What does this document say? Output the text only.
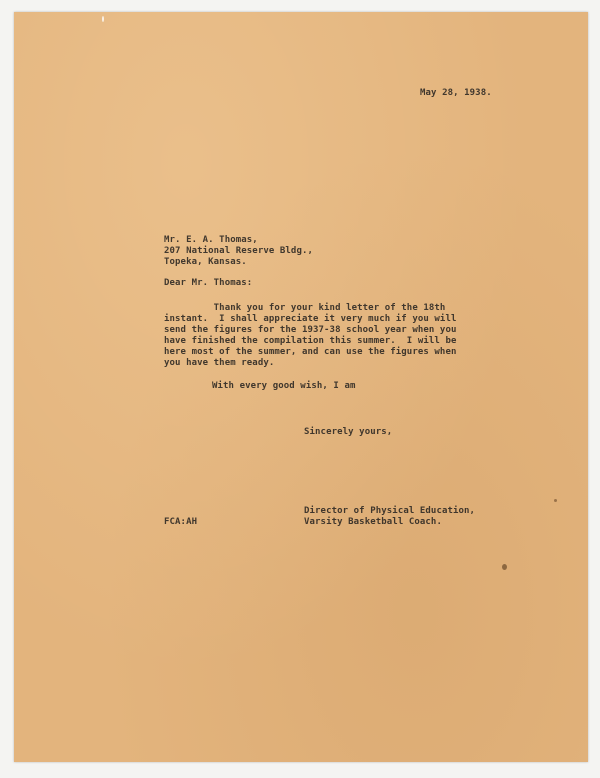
May 28, 1938.
Mr. E. A. Thomas,
207 National Reserve Bldg.,
Topeka, Kansas.
Dear Mr. Thomas:
Thank you for your kind letter of the 18th
instant.  I shall appreciate it very much if you will
send the figures for the 1937-38 school year when you
have finished the compilation this summer.  I will be
here most of the summer, and can use the figures when
you have them ready.
With every good wish, I am
Sincerely yours,
Director of Physical Education,
Varsity Basketball Coach.
FCA:AH
